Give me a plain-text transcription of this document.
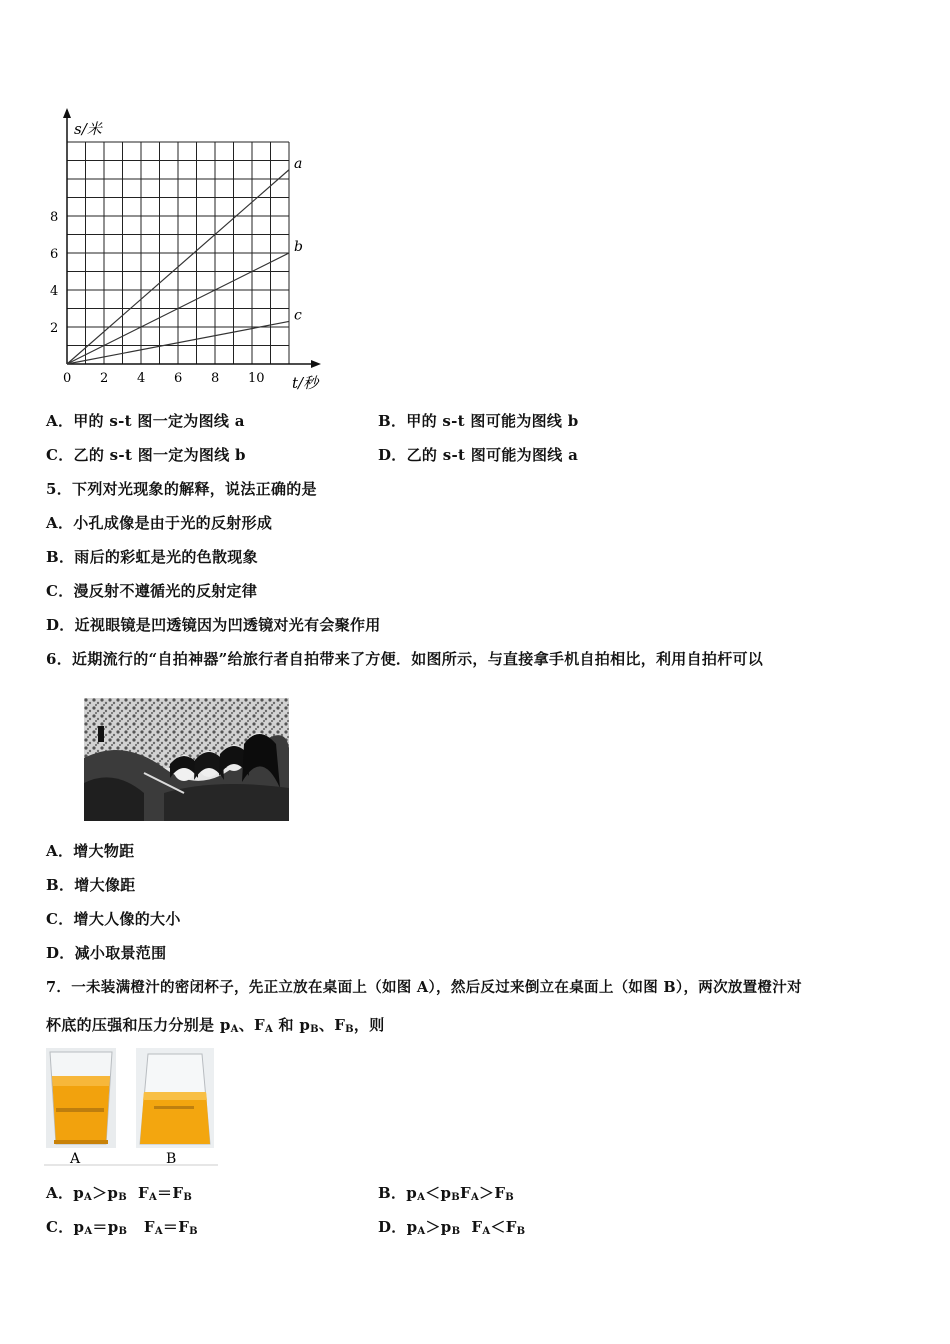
a
b
c
0 2 4 6 8 10
2
4
6
8
s/米
t/秒
A．甲的 s-t 图一定为图线 a	B．甲的 s-t 图可能为图线 b
C．乙的 s-t 图一定为图线 b	D．乙的 s-t 图可能为图线 a
5．下列对光现象的解释，说法正确的是
A．小孔成像是由于光的反射形成
B．雨后的彩虹是光的色散现象
C．漫反射不遵循光的反射定律
D．近视眼镜是凹透镜因为凹透镜对光有会聚作用
6．近期流行的“自拍神器”给旅行者自拍带来了方便．如图所示，与直接拿手机自拍相比，利用自拍杆可以
A．增大物距
B．增大像距
C．增大人像的大小
D．减小取景范围
7．一未装满橙汁的密闭杯子，先正立放在桌面上（如图 A），然后反过来倒立在桌面上（如图 B），两次放置橙汁对
杯底的压强和压力分别是 $p_A$、$F_A$ 和 $p_B$、$F_B$，则
A	B
A．$p_A>p_B$ $F_A=F_B$	B．$p_A<p_BF_A>F_B$
C．$p_A=p_B$ $F_A=F_B$	D．$p_A>p_B$ $F_A<F_B$
